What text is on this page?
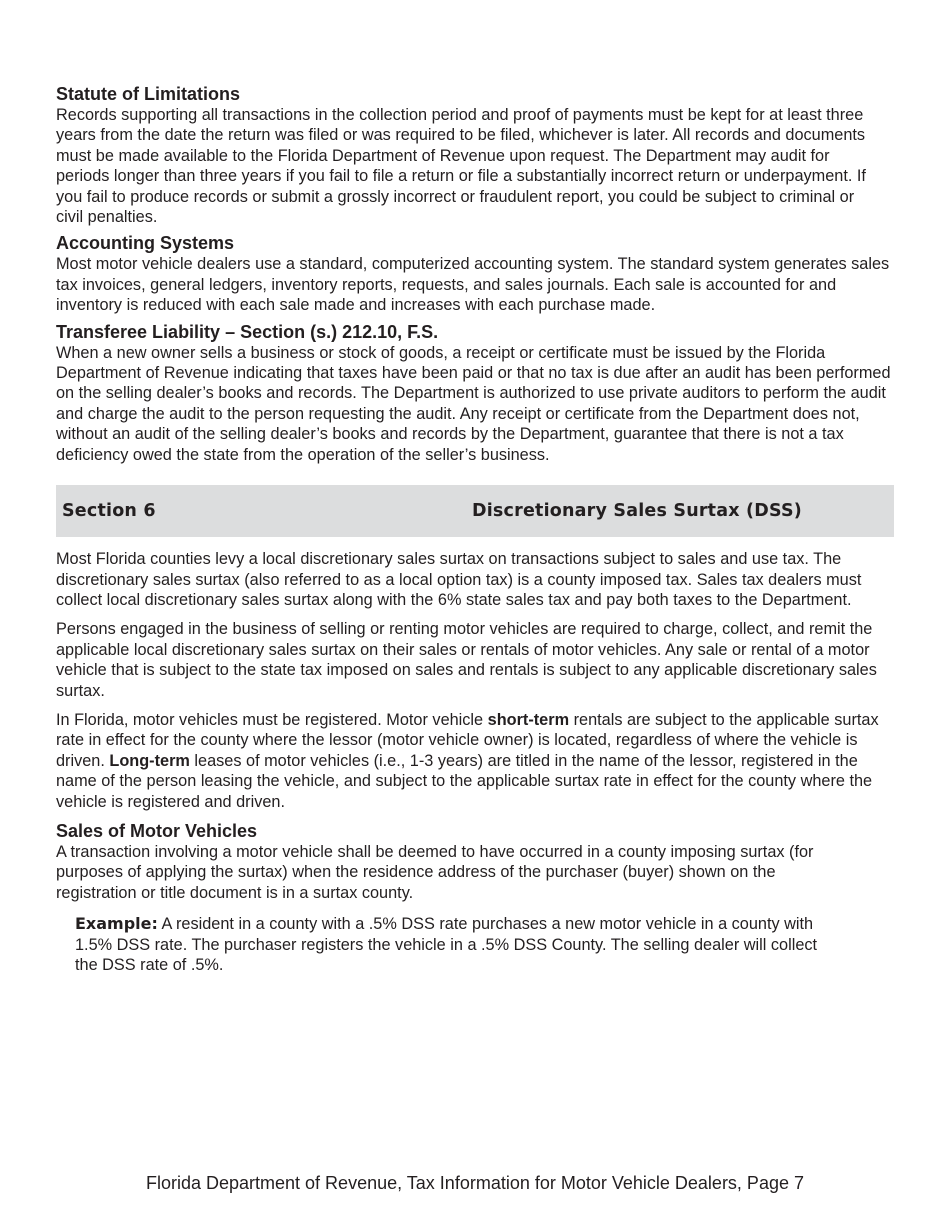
Statute of Limitations

Records supporting all transactions in the collection period and proof of payments must be kept for at least three years from the date the return was filed or was required to be filed, whichever is later. All records and documents must be made available to the Florida Department of Revenue upon request. The Department may audit for periods longer than three years if you fail to file a return or file a substantially incorrect return or underpayment. If you fail to produce records or submit a grossly incorrect or fraudulent report, you could be subject to criminal or civil penalties.

Accounting Systems

Most motor vehicle dealers use a standard, computerized accounting system. The standard system generates sales tax invoices, general ledgers, inventory reports, requests, and sales journals. Each sale is accounted for and inventory is reduced with each sale made and increases with each purchase made.

Transferee Liability – Section (s.) 212.10, F.S.

When a new owner sells a business or stock of goods, a receipt or certificate must be issued by the Florida Department of Revenue indicating that taxes have been paid or that no tax is due after an audit has been performed on the selling dealer’s books and records. The Department is authorized to use private auditors to perform the audit and charge the audit to the person requesting the audit. Any receipt or certificate from the Department does not, without an audit of the selling dealer’s books and records by the Department, guarantee that there is not a tax deficiency owed the state from the operation of the seller’s business.

Section 6	Discretionary Sales Surtax (DSS)

Most Florida counties levy a local discretionary sales surtax on transactions subject to sales and use tax. The discretionary sales surtax (also referred to as a local option tax) is a county imposed tax. Sales tax dealers must collect local discretionary sales surtax along with the 6% state sales tax and pay both taxes to the Department.

Persons engaged in the business of selling or renting motor vehicles are required to charge, collect, and remit the applicable local discretionary sales surtax on their sales or rentals of motor vehicles. Any sale or rental of a motor vehicle that is subject to the state tax imposed on sales and rentals is subject to any applicable discretionary sales surtax.

In Florida, motor vehicles must be registered. Motor vehicle short-term rentals are subject to the applicable surtax rate in effect for the county where the lessor (motor vehicle owner) is located, regardless of where the vehicle is driven. Long-term leases of motor vehicles (i.e., 1-3 years) are titled in the name of the lessor, registered in the name of the person leasing the vehicle, and subject to the applicable surtax rate in effect for the county where the vehicle is registered and driven.

Sales of Motor Vehicles

A transaction involving a motor vehicle shall be deemed to have occurred in a county imposing surtax (for purposes of applying the surtax) when the residence address of the purchaser (buyer) shown on the registration or title document is in a surtax county.

Example: A resident in a county with a .5% DSS rate purchases a new motor vehicle in a county with 1.5% DSS rate. The purchaser registers the vehicle in a .5% DSS County. The selling dealer will collect the DSS rate of .5%.

Florida Department of Revenue, Tax Information for Motor Vehicle Dealers, Page 7
